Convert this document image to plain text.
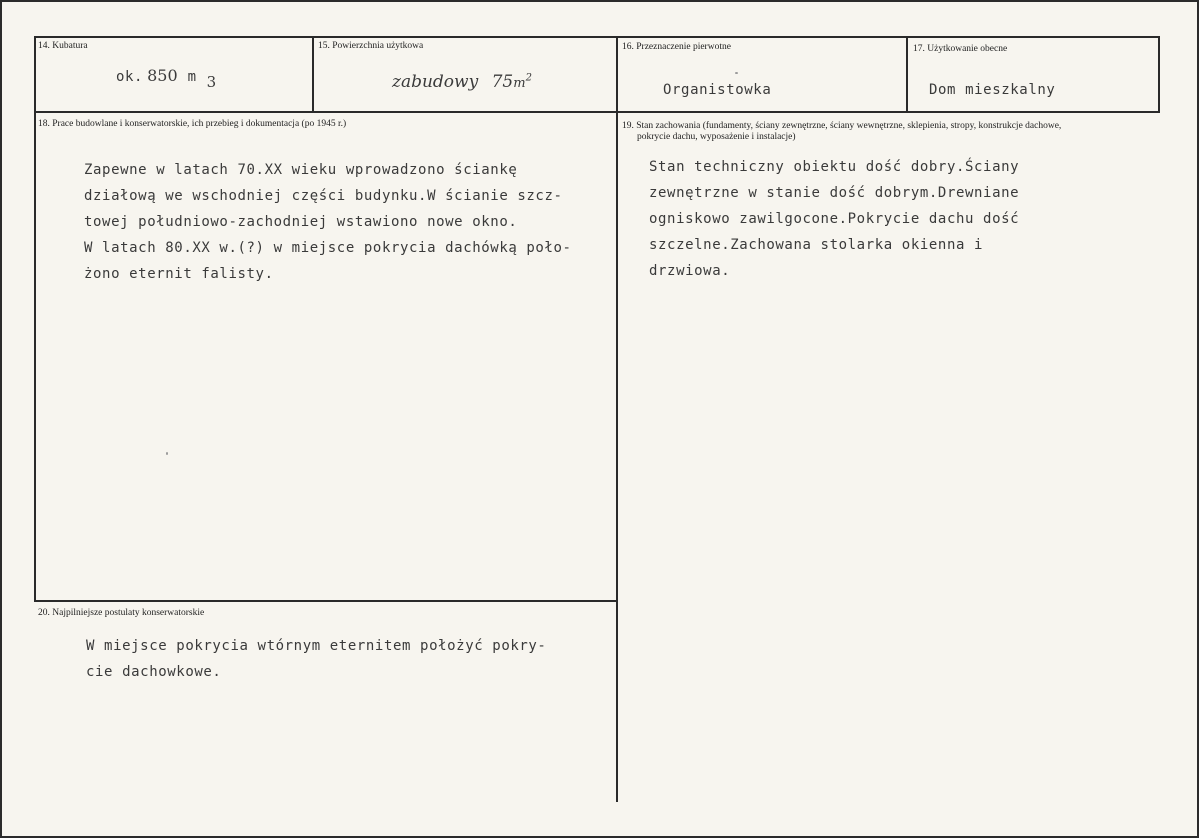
14. Kubatura
ok. 850 m 3
15. Powierzchnia użytkowa
zabudowy $75m^2$
16. Przeznaczenie pierwotne
Organistowka
17. Użytkowanie obecne
Dom mieszkalny
18. Prace budowlane i konserwatorskie, ich przebieg i dokumentacja (po 1945 r.)
Zapewne w latach 70.XX wieku wprowadzono ściankę
działową we wschodniej części budynku.W ścianie szcz-
towej południowo-zachodniej wstawiono nowe okno.
W latach 80.XX w.(?) w miejsce pokrycia dachówką poło-
żono eternit falisty.
19. Stan zachowania (fundamenty, ściany zewnętrzne, ściany wewnętrzne, sklepienia, stropy, konstrukcje dachowe,
pokrycie dachu, wyposażenie i instalacje)
Stan techniczny obiektu dość dobry.Ściany
zewnętrzne w stanie dość dobrym.Drewniane
ogniskowo zawilgocone.Pokrycie dachu dość
szczelne.Zachowana stolarka okienna i
drzwiowa.
20. Najpilniejsze postulaty konserwatorskie
W miejsce pokrycia wtórnym eternitem położyć pokry-
cie dachowkowe.
